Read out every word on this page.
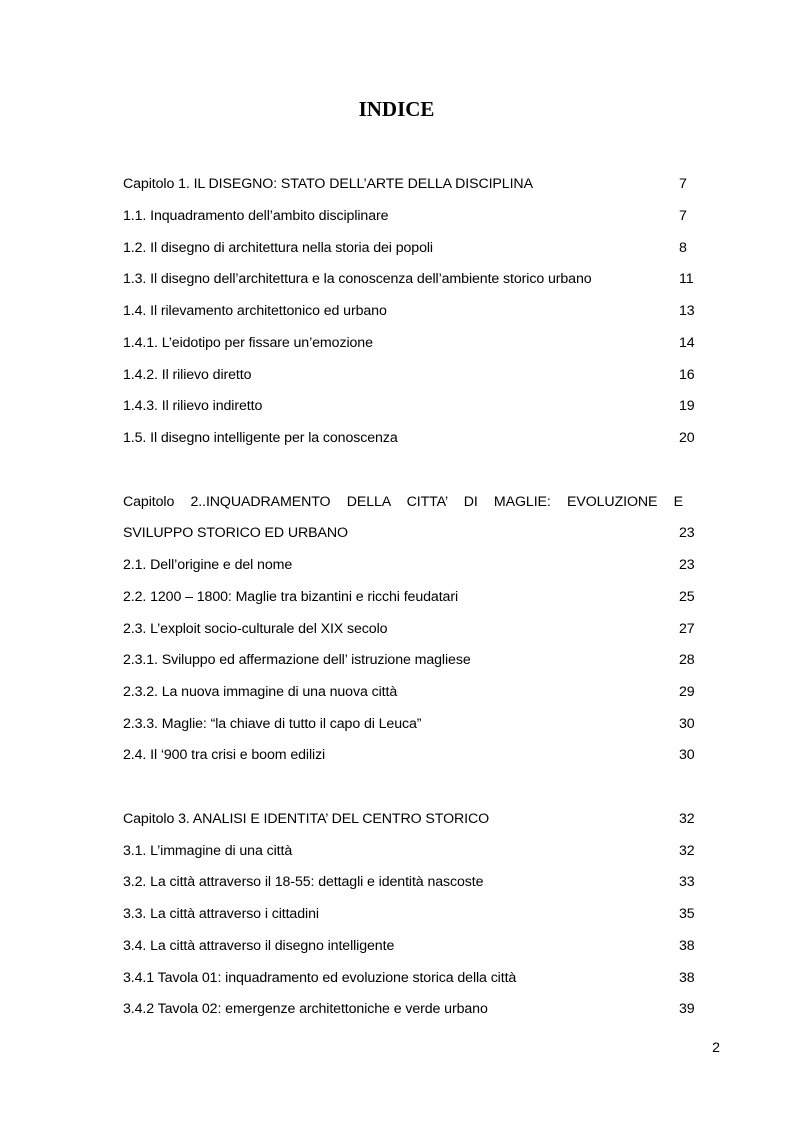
INDICE
Capitolo 1. IL DISEGNO: STATO DELL’ARTE DELLA DISCIPLINA	7
1.1. Inquadramento dell’ambito disciplinare	7
1.2. Il disegno di architettura nella storia dei popoli	8
1.3. Il disegno dell’architettura e la conoscenza dell’ambiente storico urbano	11
1.4. Il rilevamento architettonico ed urbano	13
1.4.1. L’eidotipo per fissare un’emozione	14
1.4.2. Il rilievo diretto	16
1.4.3. Il rilievo indiretto	19
1.5. Il disegno intelligente per la conoscenza	20
Capitolo 2..INQUADRAMENTO DELLA CITTA’ DI MAGLIE: EVOLUZIONE E
SVILUPPO STORICO ED URBANO	23
2.1. Dell’origine e del nome	23
2.2. 1200 – 1800: Maglie tra bizantini e ricchi feudatari	25
2.3. L’exploit socio-culturale del XIX secolo	27
2.3.1. Sviluppo ed affermazione dell’ istruzione magliese	28
2.3.2. La nuova immagine di una nuova città	29
2.3.3. Maglie: “la chiave di tutto il capo di Leuca”	30
2.4. Il ‘900 tra crisi e boom edilizi	30
Capitolo 3. ANALISI E IDENTITA’ DEL CENTRO STORICO	32
3.1. L’immagine di una città	32
3.2. La città attraverso il 18-55: dettagli e identità nascoste	33
3.3. La città attraverso i cittadini	35
3.4. La città attraverso il disegno intelligente	38
3.4.1 Tavola 01: inquadramento ed evoluzione storica della città	38
3.4.2 Tavola 02: emergenze architettoniche e verde urbano	39
2
